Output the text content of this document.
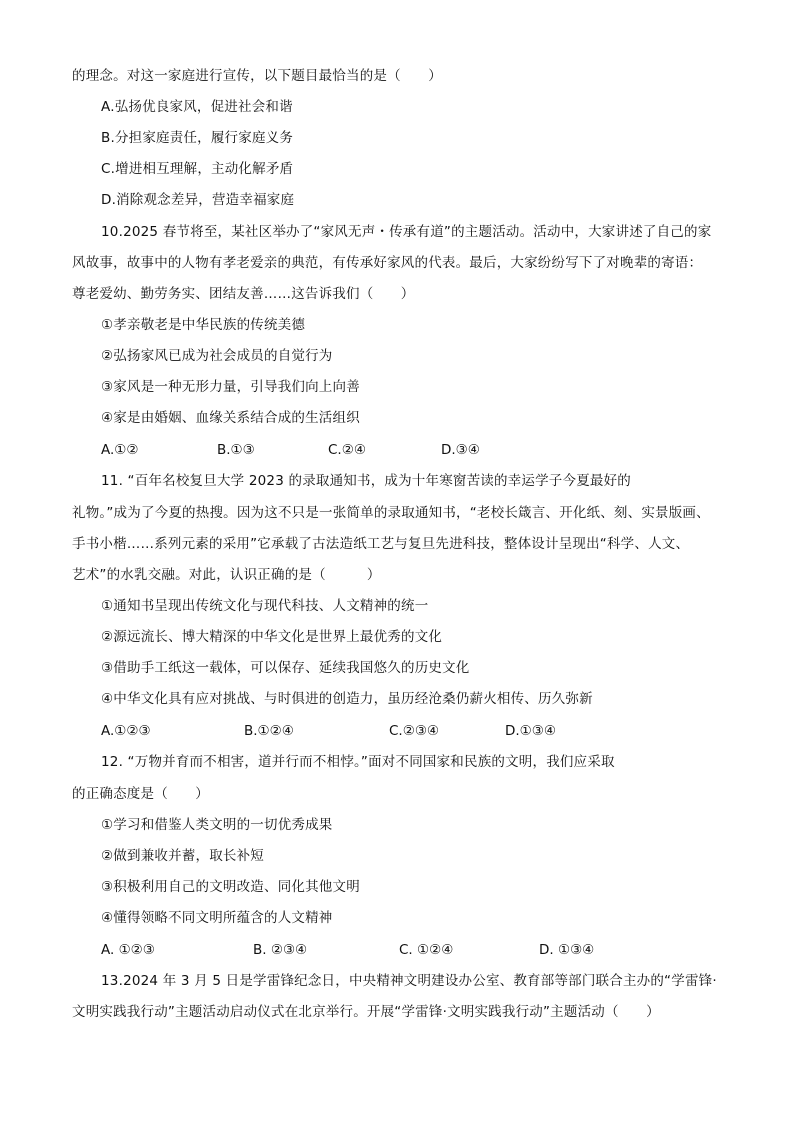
的理念。对这一家庭进行宣传，以下题目最恰当的是（　　）
A.弘扬优良家风，促进社会和谐
B.分担家庭责任，履行家庭义务
C.增进相互理解，主动化解矛盾
D.消除观念差异，营造幸福家庭
10.2025 春节将至，某社区举办了“家风无声・传承有道”的主题活动。活动中，大家讲述了自己的家
风故事，故事中的人物有孝老爱亲的典范，有传承好家风的代表。最后，大家纷纷写下了对晚辈的寄语：
尊老爱幼、勤劳务实、团结友善……这告诉我们（　　）
①孝亲敬老是中华民族的传统美德
②弘扬家风已成为社会成员的自觉行为
③家风是一种无形力量，引导我们向上向善
④家是由婚姻、血缘关系结合成的生活组织
A.①②	B.①③	C.②④	D.③④
11. “百年名校复旦大学 2023 的录取通知书，成为十年寒窗苦读的幸运学子今夏最好的
礼物。”成为了今夏的热搜。因为这不只是一张简单的录取通知书，“老校长箴言、开化纸、刻、实景版画、
手书小楷……系列元素的采用”它承载了古法造纸工艺与复旦先进科技，整体设计呈现出“科学、人文、
艺术”的水乳交融。对此，认识正确的是（　　　）
①通知书呈现出传统文化与现代科技、人文精神的统一
②源远流长、博大精深的中华文化是世界上最优秀的文化
③借助手工纸这一载体，可以保存、延续我国悠久的历史文化
④中华文化具有应对挑战、与时俱进的创造力，虽历经沧桑仍薪火相传、历久弥新
A.①②③	B.①②④	C.②③④	D.①③④
12. “万物并育而不相害，道并行而不相悖。”面对不同国家和民族的文明，我们应采取
的正确态度是（　　）
①学习和借鉴人类文明的一切优秀成果
②做到兼收并蓄，取长补短
③积极利用自己的文明改造、同化其他文明
④懂得领略不同文明所蕴含的人文精神
A. ①②③	B. ②③④	C. ①②④	D. ①③④
13.2024 年 3 月 5 日是学雷锋纪念日，中央精神文明建设办公室、教育部等部门联合主办的“学雷锋·
文明实践我行动”主题活动启动仪式在北京举行。开展“学雷锋·文明实践我行动”主题活动（　　）
